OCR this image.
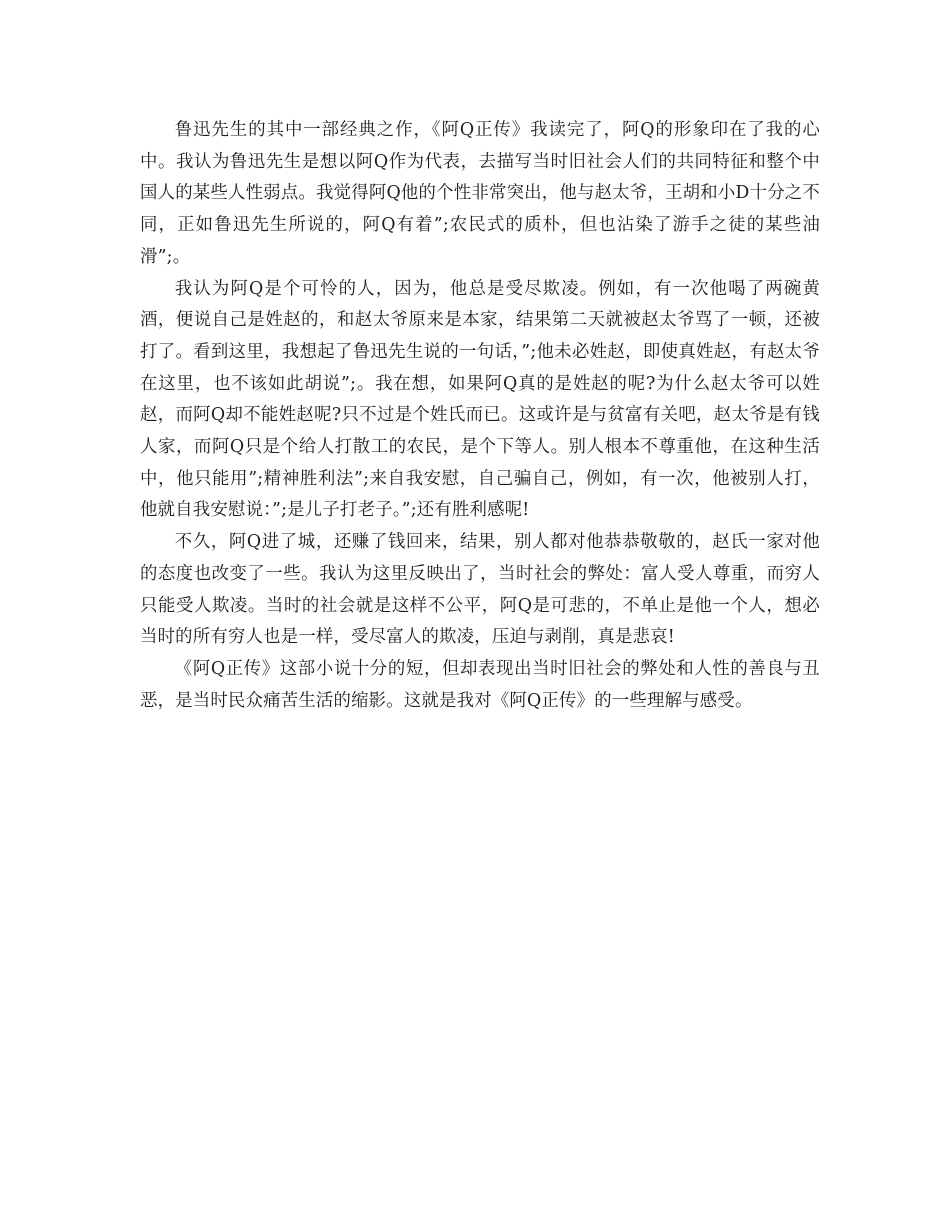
鲁迅先生的其中一部经典之作，《阿Q正传》我读完了，阿Q的形象印在了我的心中。我认为鲁迅先生是想以阿Q作为代表，去描写当时旧社会人们的共同特征和整个中国人的某些人性弱点。我觉得阿Q他的个性非常突出，他与赵太爷，王胡和小D十分之不同，正如鲁迅先生所说的，阿Q有着”;农民式的质朴，但也沾染了游手之徒的某些油滑”;。

我认为阿Q是个可怜的人，因为，他总是受尽欺凌。例如，有一次他喝了两碗黄酒，便说自己是姓赵的，和赵太爷原来是本家，结果第二天就被赵太爷骂了一顿，还被打了。看到这里，我想起了鲁迅先生说的一句话，”;他未必姓赵，即使真姓赵，有赵太爷在这里，也不该如此胡说”;。我在想，如果阿Q真的是姓赵的呢?为什么赵太爷可以姓赵，而阿Q却不能姓赵呢?只不过是个姓氏而已。这或许是与贫富有关吧，赵太爷是有钱人家，而阿Q只是个给人打散工的农民，是个下等人。别人根本不尊重他，在这种生活中，他只能用”;精神胜利法”;来自我安慰，自己骗自己，例如，有一次，他被别人打，他就自我安慰说：”;是儿子打老子。”;还有胜利感呢!

不久，阿Q进了城，还赚了钱回来，结果，别人都对他恭恭敬敬的，赵氏一家对他的态度也改变了一些。我认为这里反映出了，当时社会的弊处：富人受人尊重，而穷人只能受人欺凌。当时的社会就是这样不公平，阿Q是可悲的，不单止是他一个人，想必当时的所有穷人也是一样，受尽富人的欺凌，压迫与剥削，真是悲哀!

《阿Q正传》这部小说十分的短，但却表现出当时旧社会的弊处和人性的善良与丑恶，是当时民众痛苦生活的缩影。这就是我对《阿Q正传》的一些理解与感受。
